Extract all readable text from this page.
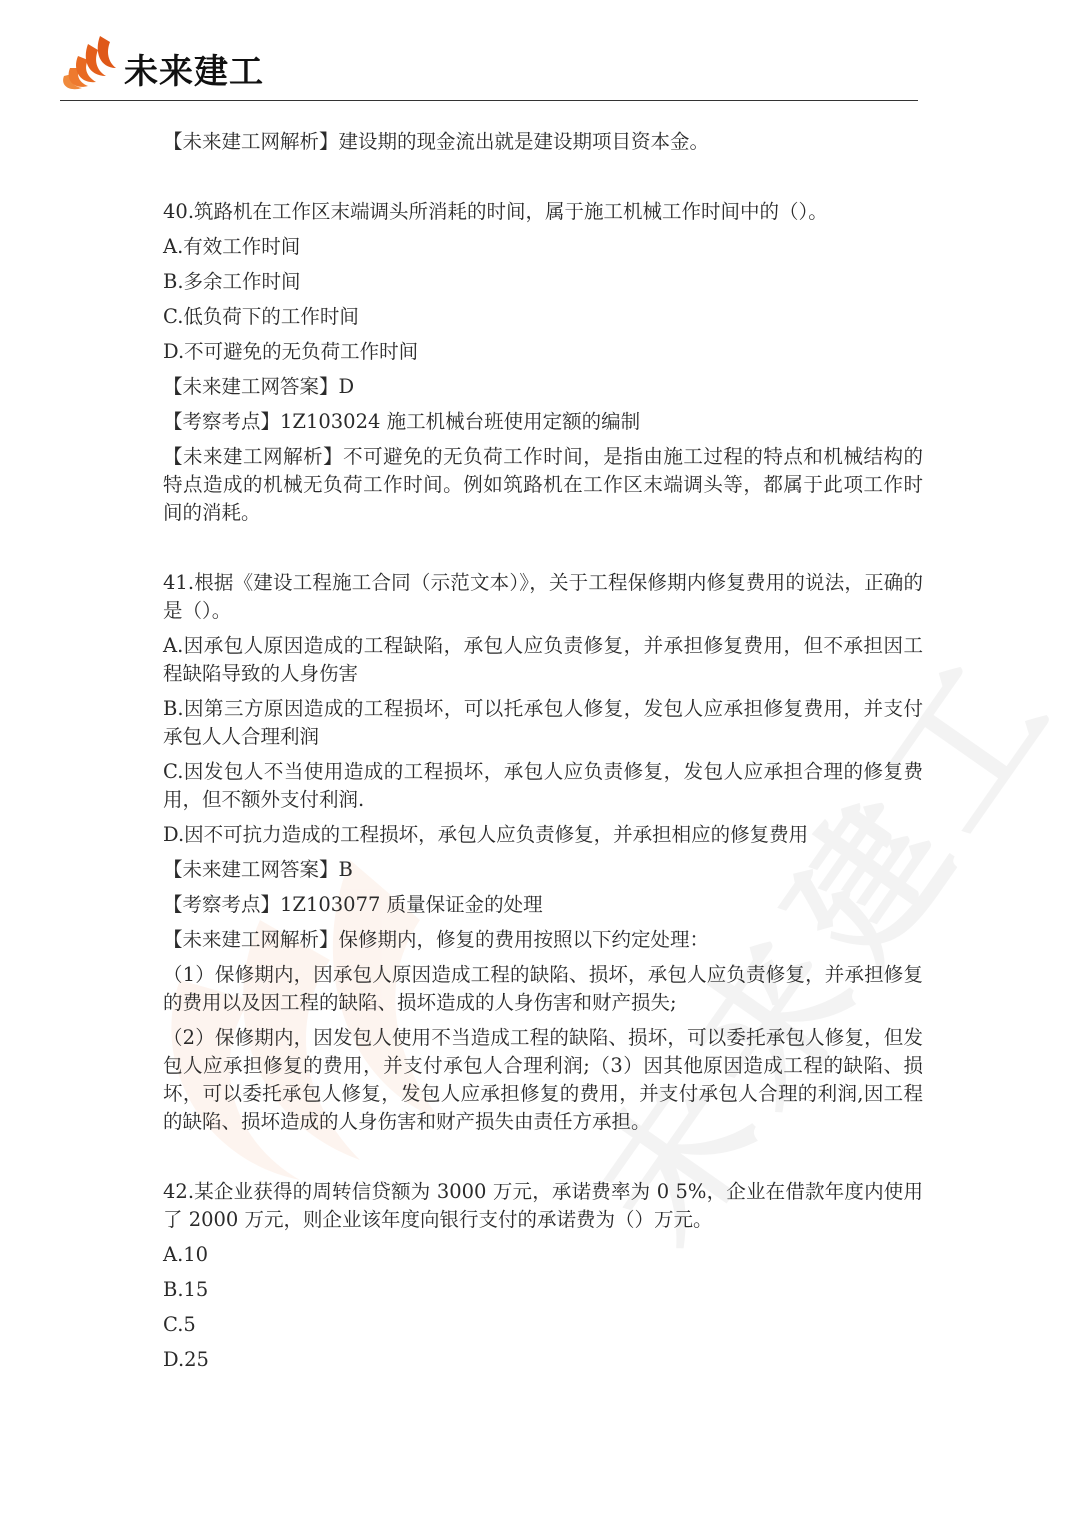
未来建工

【未来建工网解析】建设期的现金流出就是建设期项目资本金。

40.筑路机在工作区末端调头所消耗的时间，属于施工机械工作时间中的（）。

A.有效工作时间

B.多余工作时间

C.低负荷下的工作时间

D.不可避免的无负荷工作时间

【未来建工网答案】D

【考察考点】1Z103024 施工机械台班使用定额的编制

【未来建工网解析】不可避免的无负荷工作时间，是指由施工过程的特点和机械结构的特点造成的机械无负荷工作时间。例如筑路机在工作区末端调头等，都属于此项工作时间的消耗。

41.根据《建设工程施工合同（示范文本）》，关于工程保修期内修复费用的说法，正确的是（）。

A.因承包人原因造成的工程缺陷，承包人应负责修复，并承担修复费用，但不承担因工程缺陷导致的人身伤害

B.因第三方原因造成的工程损坏，可以托承包人修复，发包人应承担修复费用，并支付承包人人合理利润

C.因发包人不当使用造成的工程损坏，承包人应负责修复，发包人应承担合理的修复费用，但不额外支付利润.

D.因不可抗力造成的工程损坏，承包人应负责修复，并承担相应的修复费用

【未来建工网答案】B

【考察考点】1Z103077 质量保证金的处理

【未来建工网解析】保修期内，修复的费用按照以下约定处理：

（1）保修期内，因承包人原因造成工程的缺陷、损坏，承包人应负责修复，并承担修复的费用以及因工程的缺陷、损坏造成的人身伤害和财产损失;

（2）保修期内，因发包人使用不当造成工程的缺陷、损坏，可以委托承包人修复，但发包人应承担修复的费用，并支付承包人合理利润;（3）因其他原因造成工程的缺陷、损坏，可以委托承包人修复，发包人应承担修复的费用，并支付承包人合理的利润,因工程的缺陷、损坏造成的人身伤害和财产损失由责任方承担。

42.某企业获得的周转信贷额为 3000 万元，承诺费率为 0 5%，企业在借款年度内使用了 2000 万元，则企业该年度向银行支付的承诺费为（）万元。

A.10

B.15

C.5

D.25
